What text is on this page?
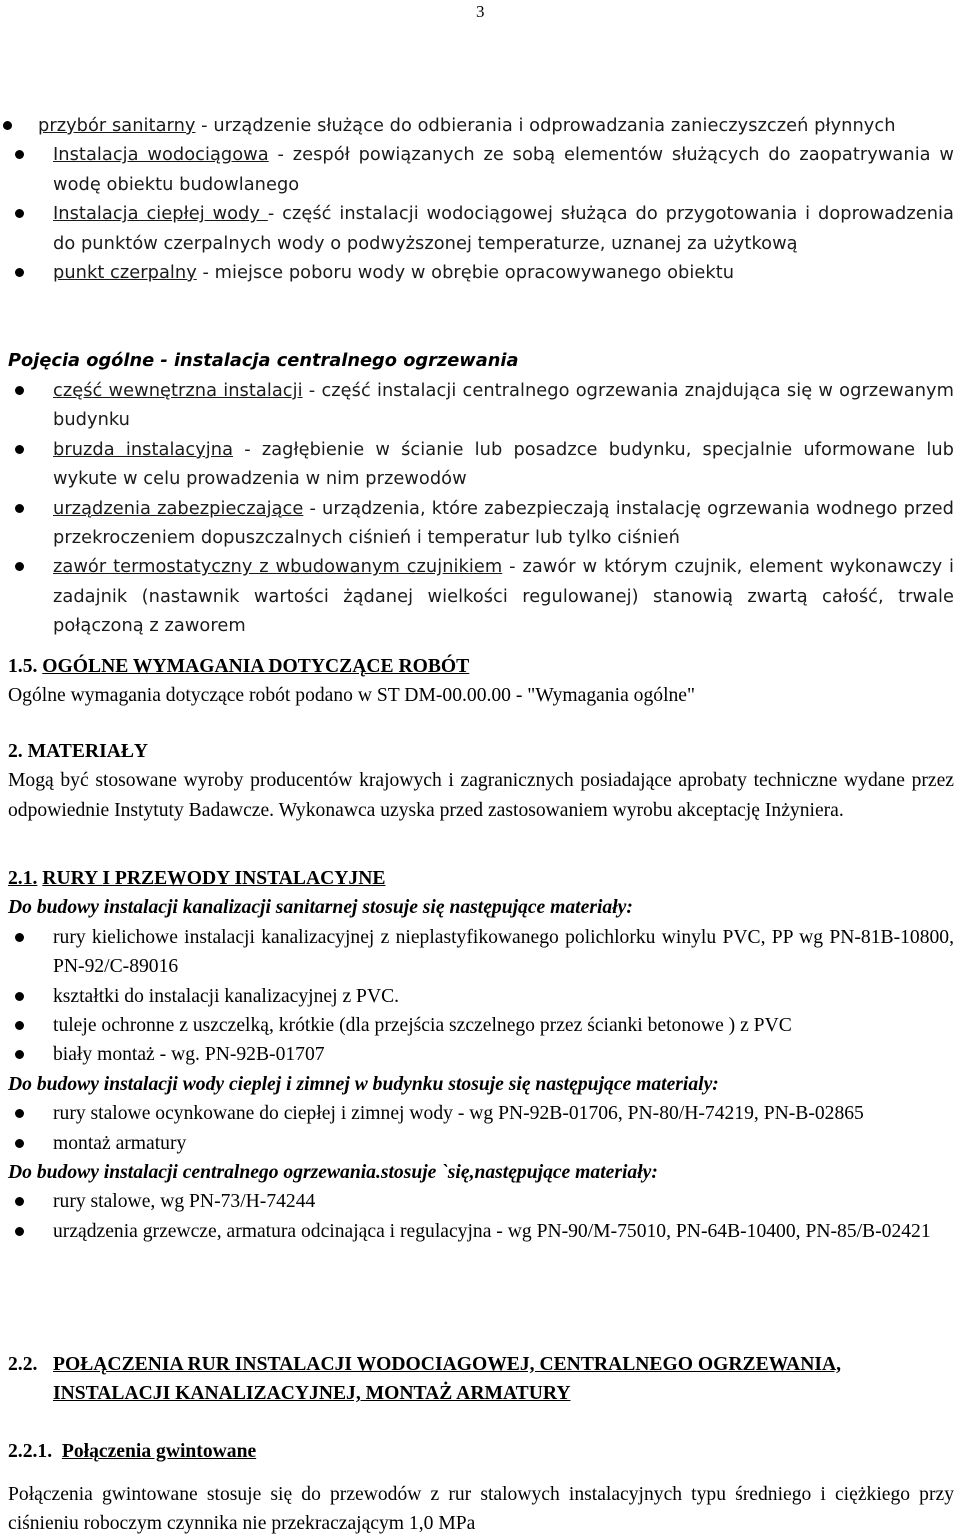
3
przybór sanitarny - urządzenie służące do odbierania i odprowadzania zanieczyszczeń płynnych
Instalacja wodociągowa - zespół powiązanych ze sobą elementów służących do zaopatrywania w wodę obiektu budowlanego
Instalacja ciepłej wody - część instalacji wodociągowej służąca do przygotowania i doprowadzenia do punktów czerpalnych wody o podwyższonej temperaturze, uznanej za użytkową
punkt czerpalny - miejsce poboru wody w obrębie opracowywanego obiektu
Pojęcia ogólne - instalacja centralnego ogrzewania
część wewnętrzna instalacji - część instalacji centralnego ogrzewania znajdująca się w ogrzewanym budynku
bruzda instalacyjna - zagłębienie w ścianie lub posadzce budynku, specjalnie uformowane lub wykute w celu prowadzenia w nim przewodów
urządzenia zabezpieczające - urządzenia, które zabezpieczają instalację ogrzewania wodnego przed przekroczeniem dopuszczalnych ciśnień i temperatur lub tylko ciśnień
zawór termostatyczny z wbudowanym czujnikiem - zawór w którym czujnik, element wykonawczy i zadajnik (nastawnik wartości żądanej wielkości regulowanej) stanowią zwartą całość, trwale połączoną z zaworem

1.5. OGÓLNE WYMAGANIA DOTYCZĄCE ROBÓT

Ogólne wymagania dotyczące robót podano w ST DM-00.00.00 - "Wymagania ogólne"

2. MATERIAŁY

Mogą być stosowane wyroby producentów krajowych i zagranicznych posiadające aprobaty techniczne wydane przez odpowiednie Instytuty Badawcze. Wykonawca uzyska przed zastosowaniem wyrobu akceptację Inżyniera.

2.1. RURY I PRZEWODY INSTALACYJNE

Do budowy instalacji kanalizacji sanitarnej stosuje się następujące materiały:

rury kielichowe instalacji kanalizacyjnej z nieplastyfikowanego polichlorku winylu PVC, PP wg PN-81B-10800, PN-92/C-89016
kształtki do instalacji kanalizacyjnej z PVC.
tuleje ochronne z uszczelką, krótkie (dla przejścia szczelnego przez ścianki betonowe ) z PVC
biały montaż - wg. PN-92B-01707

Do budowy instalacji wody cieplej i zimnej w budynku stosuje się następujące materialy:

rury stalowe ocynkowane do ciepłej i zimnej wody - wg PN-92B-01706, PN-80/H-74219, PN-B-02865
montaż armatury

Do budowy instalacji centralnego ogrzewania.stosuje `się,następujące materiały:

rury stalowe, wg PN-73/H-74244
urządzenia grzewcze, armatura odcinająca i regulacyjna - wg PN-90/M-75010, PN-64B-10400, PN-85/B-02421

2.2. POŁĄCZENIA RUR INSTALACJI WODOCIAGOWEJ, CENTRALNEGO OGRZEWANIA, INSTALACJI KANALIZACYJNEJ, MONTAŻ ARMATURY

2.2.1. Połączenia gwintowane

Połączenia gwintowane stosuje się do przewodów z rur stalowych instalacyjnych typu średniego i ciężkiego przy ciśnieniu roboczym czynnika nie przekraczającym 1,0 MPa
